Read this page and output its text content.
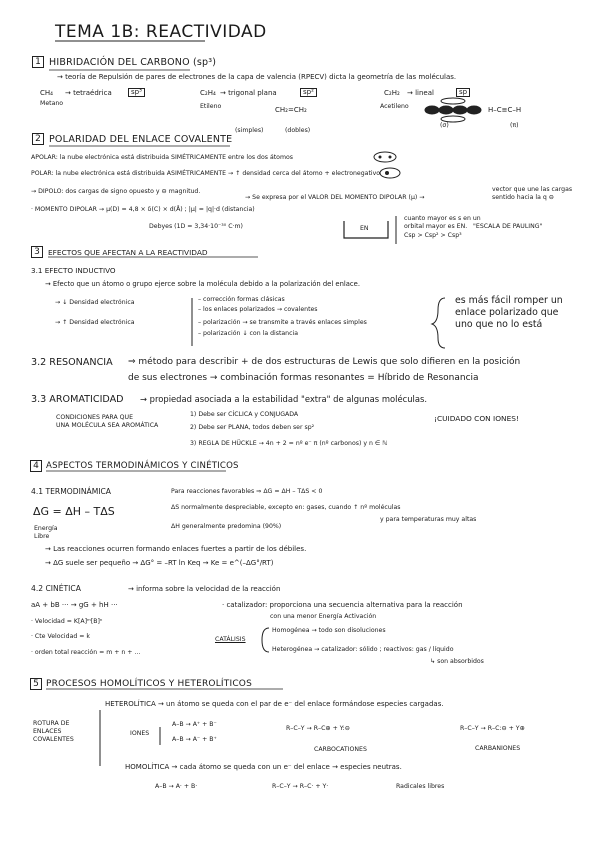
TEMA 1B: REACTIVIDAD
1 HIBRIDACIÓN DEL CARBONO (sp³)
→ teoría de Repulsión de pares de electrones de la capa de valencia (RPECV) dicta la geometría de las moléculas.
CH₄ → tetraédrica	sp³
Metano
C₂H₄ → trigonal plana	sp²
Etileno	CH₂=CH₂
(simples)	(dobles)
C₂H₂ → lineal	sp
Acetileno
(σ)	(π)
H–C≡C–H
2 POLARIDAD DEL ENLACE COVALENTE
APOLAR: la nube electrónica está distribuida SIMÉTRICAMENTE entre los dos átomos
POLAR: la nube electrónica está distribuida ASIMÉTRICAMENTE → ↑ densidad cerca del átomo + electronegativo
→ DIPOLO: dos cargas de signo opuesto y ⊖ magnitud.
→ Se expresa por el VALOR DEL MOMENTO DIPOLAR (μ) →
vector que une las cargas
sentido hacia la q ⊖
· MOMENTO DIPOLAR → μ(D) = 4,8 × δ(C) × d(Å) ; |μ| = |q|·d (distancia)
Debyes (1D = 3,34·10⁻³⁰ C·m)	EN
cuanto mayor es s en un
orbital mayor es EN.   "ESCALA DE PAULING"
Csp > Csp² > Csp³
3	EFECTOS QUE AFECTAN A LA REACTIVIDAD
3.1 EFECTO INDUCTIVO
→ Efecto que un átomo o grupo ejerce sobre la molécula debido a la polarización del enlace.
→ ↓ Densidad electrónica
→ ↑ Densidad electrónica
– corrección formas clásicas
– los enlaces polarizados → covalentes
– polarización → se transmite a través enlaces simples
– polarización ↓ con la distancia
es más fácil romper un
enlace polarizado que
uno que no lo está
3.2 RESONANCIA ⇒ método para describir + de dos estructuras de Lewis que solo difieren en la posición
de sus electrones → combinación formas resonantes = Híbrido de Resonancia
3.3 AROMATICIDAD → propiedad asociada a la estabilidad "extra" de algunas moléculas.
CONDICIONES PARA QUE
UNA MOLÉCULA SEA AROMÁTICA
1) Debe ser CÍCLICA y CONJUGADA
2) Debe ser PLANA, todos deben ser sp²
3) REGLA DE HÜCKLE → 4n + 2 = nº e⁻ π (nº carbonos) y n ∈ ℕ
¡CUIDADO CON IONES!
4 ASPECTOS TERMODINÁMICOS Y CINÉTICOS
4.1 TERMODINÁMICA
ΔG = ΔH – TΔS
Energía
Libre
Para reacciones favorables ⇒ ΔG = ΔH – TΔS < 0
ΔS normalmente despreciable, excepto en: gases, cuando ↑ nº moléculas
y para temperaturas muy altas
ΔH generalmente predomina (90%)
→ Las reacciones ocurren formando enlaces fuertes a partir de los débiles.
→ ΔG suele ser pequeño → ΔG° = –RT ln Keq → Ke = e^(–ΔG°/RT)
4.2 CINÉTICA	→ informa sobre la velocidad de la reacción
aA + bB ··· → gG + hH ···
· Velocidad = K[A]ᵐ[B]ⁿ
· Cte Velocidad = k
· orden total reacción = m + n + ...
· catalizador: proporciona una secuencia alternativa para la reacción
con una menor Energía Activación
CATÁLISIS
Homogénea → todo son disoluciones
Heterogénea → catalizador: sólido ; reactivos: gas / líquido
↳ son absorbidos
5 PROCESOS HOMOLÍTICOS Y HETEROLÍTICOS
ROTURA DE
ENLACES
COVALENTES
HETEROLÍTICA → un átomo se queda con el par de e⁻ del enlace formándose especies cargadas.
IONES
A–B → A⁺ + B⁻
A–B → A⁻ + B⁺
R–C–Y → R–C⊕ + Y:⊖
CARBOCATIONES
R–C–Y → R–C:⊖ + Y⊕
CARBANIONES
HOMOLÍTICA → cada átomo se queda con un e⁻ del enlace → especies neutras.
A–B → A· + B·	R–C–Y → R–C· + Y·	Radicales libres
